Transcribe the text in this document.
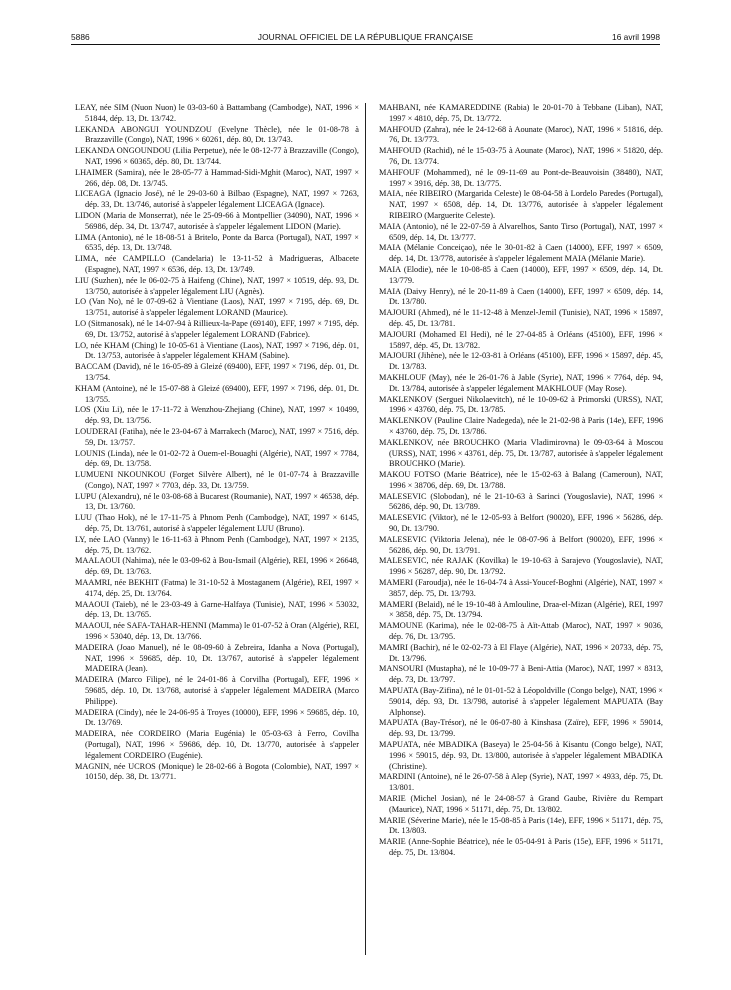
5886	JOURNAL OFFICIEL DE LA RÉPUBLIQUE FRANÇAISE	16 avril 1998

LEAY, née SIM (Nuon Nuon) le 03-03-60 à Battambang (Cambodge), NAT, 1996 × 51844, dép. 13, Dt. 13/742.

LEKANDA ABONGUI YOUNDZOU (Evelyne Thècle), née le 01-08-78 à Brazzaville (Congo), NAT, 1996 × 60261, dép. 80, Dt. 13/743.

LEKANDA ONGOUNDOU (Lilia Perpetue), née le 08-12-77 à Brazzaville (Congo), NAT, 1996 × 60365, dép. 80, Dt. 13/744.

LHAIMER (Samira), née le 28-05-77 à Hammad-Sidi-Mghit (Maroc), NAT, 1997 × 266, dép. 08, Dt. 13/745.

LICEAGA (Ignacio José), né le 29-03-60 à Bilbao (Espagne), NAT, 1997 × 7263, dép. 33, Dt. 13/746, autorisé à s'appeler légalement LICEAGA (Ignace).

LIDON (Maria de Monserrat), née le 25-09-66 à Montpellier (34090), NAT, 1996 × 56986, dép. 34, Dt. 13/747, autorisée à s'appeler légalement LIDON (Marie).

LIMA (Antonio), né le 18-08-51 à Britelo, Ponte da Barca (Portugal), NAT, 1997 × 6535, dép. 13, Dt. 13/748.

LIMA, née CAMPILLO (Candelaria) le 13-11-52 à Madrigueras, Albacete (Espagne), NAT, 1997 × 6536, dép. 13, Dt. 13/749.

LIU (Suzhen), née le 06-02-75 à Haifeng (Chine), NAT, 1997 × 10519, dép. 93, Dt. 13/750, autorisée à s'appeler légalement LIU (Agnès).

LO (Van No), né le 07-09-62 à Vientiane (Laos), NAT, 1997 × 7195, dép. 69, Dt. 13/751, autorisé à s'appeler légalement LORAND (Maurice).

LO (Sitmanosak), né le 14-07-94 à Rillieux-la-Pape (69140), EFF, 1997 × 7195, dép. 69, Dt. 13/752, autorisé à s'appeler légalement LORAND (Fabrice).

LO, née KHAM (Ching) le 10-05-61 à Vientiane (Laos), NAT, 1997 × 7196, dép. 01, Dt. 13/753, autorisée à s'appeler légalement KHAM (Sabine).

BACCAM (David), né le 16-05-89 à Gleizé (69400), EFF, 1997 × 7196, dép. 01, Dt. 13/754.

KHAM (Antoine), né le 15-07-88 à Gleizé (69400), EFF, 1997 × 7196, dép. 01, Dt. 13/755.

LOS (Xiu Li), née le 17-11-72 à Wenzhou-Zhejiang (Chine), NAT, 1997 × 10499, dép. 93, Dt. 13/756.

LOUDERAI (Fatiha), née le 23-04-67 à Marrakech (Maroc), NAT, 1997 × 7516, dép. 59, Dt. 13/757.

LOUNIS (Linda), née le 01-02-72 à Ouem-el-Bouaghi (Algérie), NAT, 1997 × 7784, dép. 69, Dt. 13/758.

LUMUENI NKOUNKOU (Forget Silvère Albert), né le 01-07-74 à Brazzaville (Congo), NAT, 1997 × 7703, dép. 33, Dt. 13/759.

LUPU (Alexandru), né le 03-08-68 à Bucarest (Roumanie), NAT, 1997 × 46538, dép. 13, Dt. 13/760.

LUU (Thao Hok), né le 17-11-75 à Phnom Penh (Cambodge), NAT, 1997 × 6145, dép. 75, Dt. 13/761, autorisé à s'appeler légalement LUU (Bruno).

LY, née LAO (Vanny) le 16-11-63 à Phnom Penh (Cambodge), NAT, 1997 × 2135, dép. 75, Dt. 13/762.

MAALAOUI (Nahima), née le 03-09-62 à Bou-Ismail (Algérie), REI, 1996 × 26648, dép. 69, Dt. 13/763.

MAAMRI, née BEKHIT (Fatma) le 31-10-52 à Mostaganem (Algérie), REI, 1997 × 4174, dép. 25, Dt. 13/764.

MAAOUI (Taieb), né le 23-03-49 à Garne-Halfaya (Tunisie), NAT, 1996 × 53032, dép. 13, Dt. 13/765.

MAAOUI, née SAFA-TAHAR-HENNI (Mamma) le 01-07-52 à Oran (Algérie), REI, 1996 × 53040, dép. 13, Dt. 13/766.

MADEIRA (Joao Manuel), né le 08-09-60 à Zebreira, Idanha a Nova (Portugal), NAT, 1996 × 59685, dép. 10, Dt. 13/767, autorisé à s'appeler légalement MADEIRA (Jean).

MADEIRA (Marco Filipe), né le 24-01-86 à Corvilha (Portugal), EFF, 1996 × 59685, dép. 10, Dt. 13/768, autorisé à s'appeler légalement MADEIRA (Marco Philippe).

MADEIRA (Cindy), née le 24-06-95 à Troyes (10000), EFF, 1996 × 59685, dép. 10, Dt. 13/769.

MADEIRA, née CORDEIRO (Maria Eugénia) le 05-03-63 à Ferro, Covilha (Portugal), NAT, 1996 × 59686, dép. 10, Dt. 13/770, autorisée à s'appeler légalement CORDEIRO (Eugénie).

MAGNIN, née UCROS (Monique) le 28-02-66 à Bogota (Colombie), NAT, 1997 × 10150, dép. 38, Dt. 13/771.

MAHBANI, née KAMAREDDINE (Rabia) le 20-01-70 à Tebbane (Liban), NAT, 1997 × 4810, dép. 75, Dt. 13/772.

MAHFOUD (Zahra), née le 24-12-68 à Aounate (Maroc), NAT, 1996 × 51816, dép. 76, Dt. 13/773.

MAHFOUD (Rachid), né le 15-03-75 à Aounate (Maroc), NAT, 1996 × 51820, dép. 76, Dt. 13/774.

MAHFOUF (Mohammed), né le 09-11-69 au Pont-de-Beauvoisin (38480), NAT, 1997 × 3916, dép. 38, Dt. 13/775.

MAIA, née RIBEIRO (Margarida Celeste) le 08-04-58 à Lordelo Paredes (Portugal), NAT, 1997 × 6508, dép. 14, Dt. 13/776, autorisée à s'appeler légalement RIBEIRO (Marguerite Celeste).

MAIA (Antonio), né le 22-07-59 à Alvarelhos, Santo Tirso (Portugal), NAT, 1997 × 6509, dép. 14, Dt. 13/777.

MAIA (Mélanie Conceiçao), née le 30-01-82 à Caen (14000), EFF, 1997 × 6509, dép. 14, Dt. 13/778, autorisée à s'appeler légalement MAIA (Mélanie Marie).

MAIA (Elodie), née le 10-08-85 à Caen (14000), EFF, 1997 × 6509, dép. 14, Dt. 13/779.

MAIA (Daivy Henry), né le 20-11-89 à Caen (14000), EFF, 1997 × 6509, dép. 14, Dt. 13/780.

MAJOURI (Ahmed), né le 11-12-48 à Menzel-Jemil (Tunisie), NAT, 1996 × 15897, dép. 45, Dt. 13/781.

MAJOURI (Mohamed El Hedi), né le 27-04-85 à Orléans (45100), EFF, 1996 × 15897, dép. 45, Dt. 13/782.

MAJOURI (Jihène), née le 12-03-81 à Orléans (45100), EFF, 1996 × 15897, dép. 45, Dt. 13/783.

MAKHLOUF (May), née le 26-01-76 à Jable (Syrie), NAT, 1996 × 7764, dép. 94, Dt. 13/784, autorisée à s'appeler légalement MAKHLOUF (May Rose).

MAKLENKOV (Serguei Nikolaevitch), né le 10-09-62 à Primorski (URSS), NAT, 1996 × 43760, dép. 75, Dt. 13/785.

MAKLENKOV (Pauline Claire Nadegeda), née le 21-02-98 à Paris (14e), EFF, 1996 × 43760, dép. 75, Dt. 13/786.

MAKLENKOV, née BROUCHKO (Maria Vladimirovna) le 09-03-64 à Moscou (URSS), NAT, 1996 × 43761, dép. 75, Dt. 13/787, autorisée à s'appeler légalement BROUCHKO (Marie).

MAKOU FOTSO (Marie Béatrice), née le 15-02-63 à Balang (Cameroun), NAT, 1996 × 38706, dép. 69, Dt. 13/788.

MALESEVIC (Slobodan), né le 21-10-63 à Sarinci (Yougoslavie), NAT, 1996 × 56286, dép. 90, Dt. 13/789.

MALESEVIC (Viktor), né le 12-05-93 à Belfort (90020), EFF, 1996 × 56286, dép. 90, Dt. 13/790.

MALESEVIC (Viktoria Jelena), née le 08-07-96 à Belfort (90020), EFF, 1996 × 56286, dép. 90, Dt. 13/791.

MALESEVIC, née RAJAK (Kovilka) le 19-10-63 à Sarajevo (Yougoslavie), NAT, 1996 × 56287, dép. 90, Dt. 13/792.

MAMERI (Faroudja), née le 16-04-74 à Assi-Youcef-Boghni (Algérie), NAT, 1997 × 3857, dép. 75, Dt. 13/793.

MAMERI (Belaid), né le 19-10-48 à Amlouline, Draa-el-Mizan (Algérie), REI, 1997 × 3858, dép. 75, Dt. 13/794.

MAMOUNE (Karima), née le 02-08-75 à Aït-Attab (Maroc), NAT, 1997 × 9036, dép. 76, Dt. 13/795.

MAMRI (Bachir), né le 02-02-73 à El Flaye (Algérie), NAT, 1996 × 20733, dép. 75, Dt. 13/796.

MANSOURI (Mustapha), né le 10-09-77 à Beni-Attia (Maroc), NAT, 1997 × 8313, dép. 73, Dt. 13/797.

MAPUATA (Bay-Zifina), né le 01-01-52 à Léopoldville (Congo belge), NAT, 1996 × 59014, dép. 93, Dt. 13/798, autorisé à s'appeler légalement MAPUATA (Bay Alphonse).

MAPUATA (Bay-Trésor), né le 06-07-80 à Kinshasa (Zaïre), EFF, 1996 × 59014, dép. 93, Dt. 13/799.

MAPUATA, née MBADIKA (Baseya) le 25-04-56 à Kisantu (Congo belge), NAT, 1996 × 59015, dép. 93, Dt. 13/800, autorisée à s'appeler légalement MBADIKA (Christine).

MARDINI (Antoine), né le 26-07-58 à Alep (Syrie), NAT, 1997 × 4933, dép. 75, Dt. 13/801.

MARIE (Michel Josian), né le 24-08-57 à Grand Gaube, Rivière du Rempart (Maurice), NAT, 1996 × 51171, dép. 75, Dt. 13/802.

MARIE (Séverine Marie), née le 15-08-85 à Paris (14e), EFF, 1996 × 51171, dép. 75, Dt. 13/803.

MARIE (Anne-Sophie Béatrice), née le 05-04-91 à Paris (15e), EFF, 1996 × 51171, dép. 75, Dt. 13/804.
